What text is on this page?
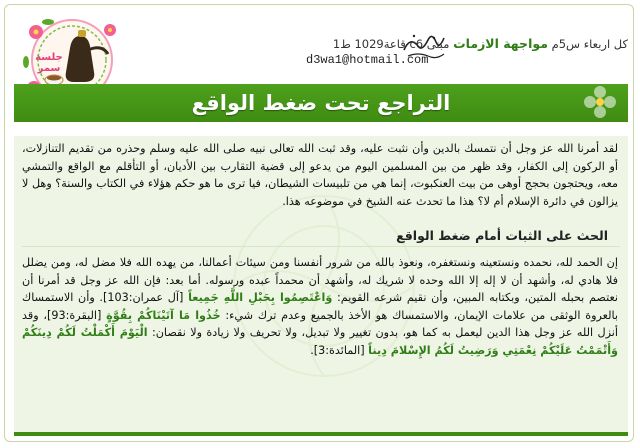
جلسة سمر
كل اربعاء س5م مواجهة الازمات مبنى c6 قاعة1029 ط1
d3wa1@hotmail.com
التراجع تحت ضغط الواقع
لقد أمرنا الله عز وجل أن نتمسك بالدين وأن نثبت عليه، وقد ثبت الله تعالى نبيه صلى الله عليه وسلم وحذره من تقديم التنازلات، أو الركون إلى الكفار، وقد ظهر من بين المسلمين اليوم من يدعو إلى قضية التقارب بين الأديان، أو التأقلم مع الواقع والتمشي معه، ويحتجون بحجج أوهى من بيت العنكبوت، إنما هي من تلبيسات الشيطان، فيا ترى ما هو حكم هؤلاء في الكتاب والسنة؟ وهل لا يزالون في دائرة الإسلام أم لا؟ هذا ما تحدث عنه الشيخ في موضوعه هذا.
الحث على الثبات أمام ضغط الواقع
إن الحمد لله، نحمده ونستعينه ونستغفره، ونعوذ بالله من شرور أنفسنا ومن سيئات أعمالنا، من يهده الله فلا مضل له، ومن يضلل فلا هادي له، وأشهد أن لا إله إلا الله وحده لا شريك له، وأشهد أن محمداً عبده ورسوله. أما بعد: فإن الله عز وجل قد أمرنا أن نعتصم بحبله المتين، وبكتابه المبين، وأن نقيم شرعه القويم: وَاعْتَصِمُوا بِحَبْلِ اللَّهِ جَمِيعاً [آل عمران:103]. وأن الاستمساك بالعروة الوثقى من علامات الإيمان، والاستمساك هو الأخذ بالجميع وعدم ترك شيء: خُذُوا مَا آتَيْنَاكُمْ بِقُوَّةٍ [البقرة:93]، وقد أنزل الله عز وجل هذا الدين ليعمل به كما هو، بدون تغيير ولا تبديل، ولا تحريف ولا زيادة ولا نقصان: الْيَوْمَ أَكْمَلْتُ لَكُمْ دِينَكُمْ وَأَتْمَمْتُ عَلَيْكُمْ نِعْمَتِي وَرَضِيتُ لَكُمُ الإِسْلامَ دِيناً [المائدة:3].
